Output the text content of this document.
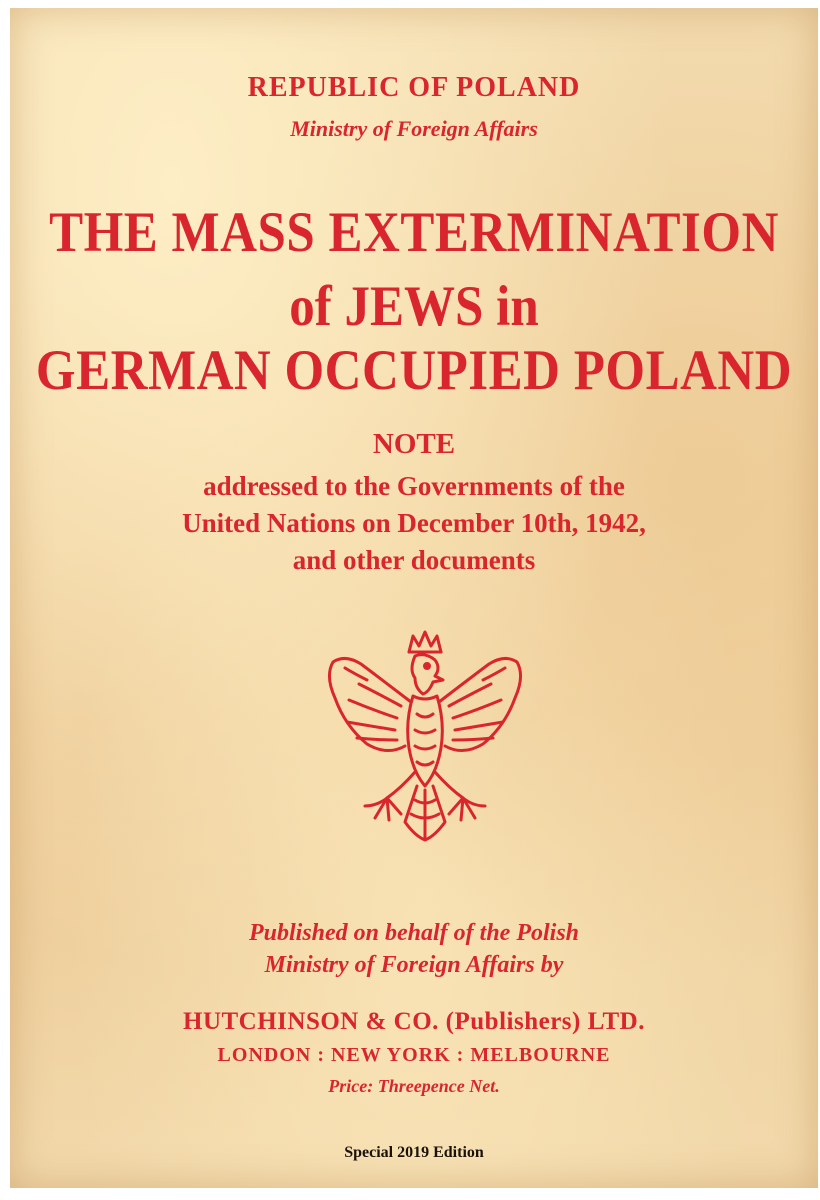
REPUBLIC OF POLAND

Ministry of Foreign Affairs

THE MASS EXTERMINATION

of JEWS in

GERMAN OCCUPIED POLAND

NOTE

addressed to the Governments of the

United Nations on December 10th, 1942,

and other documents

Published on behalf of the Polish

Ministry of Foreign Affairs by

HUTCHINSON & CO. (Publishers) LTD.

LONDON : NEW YORK : MELBOURNE

Price: Threepence Net.

Special 2019 Edition
